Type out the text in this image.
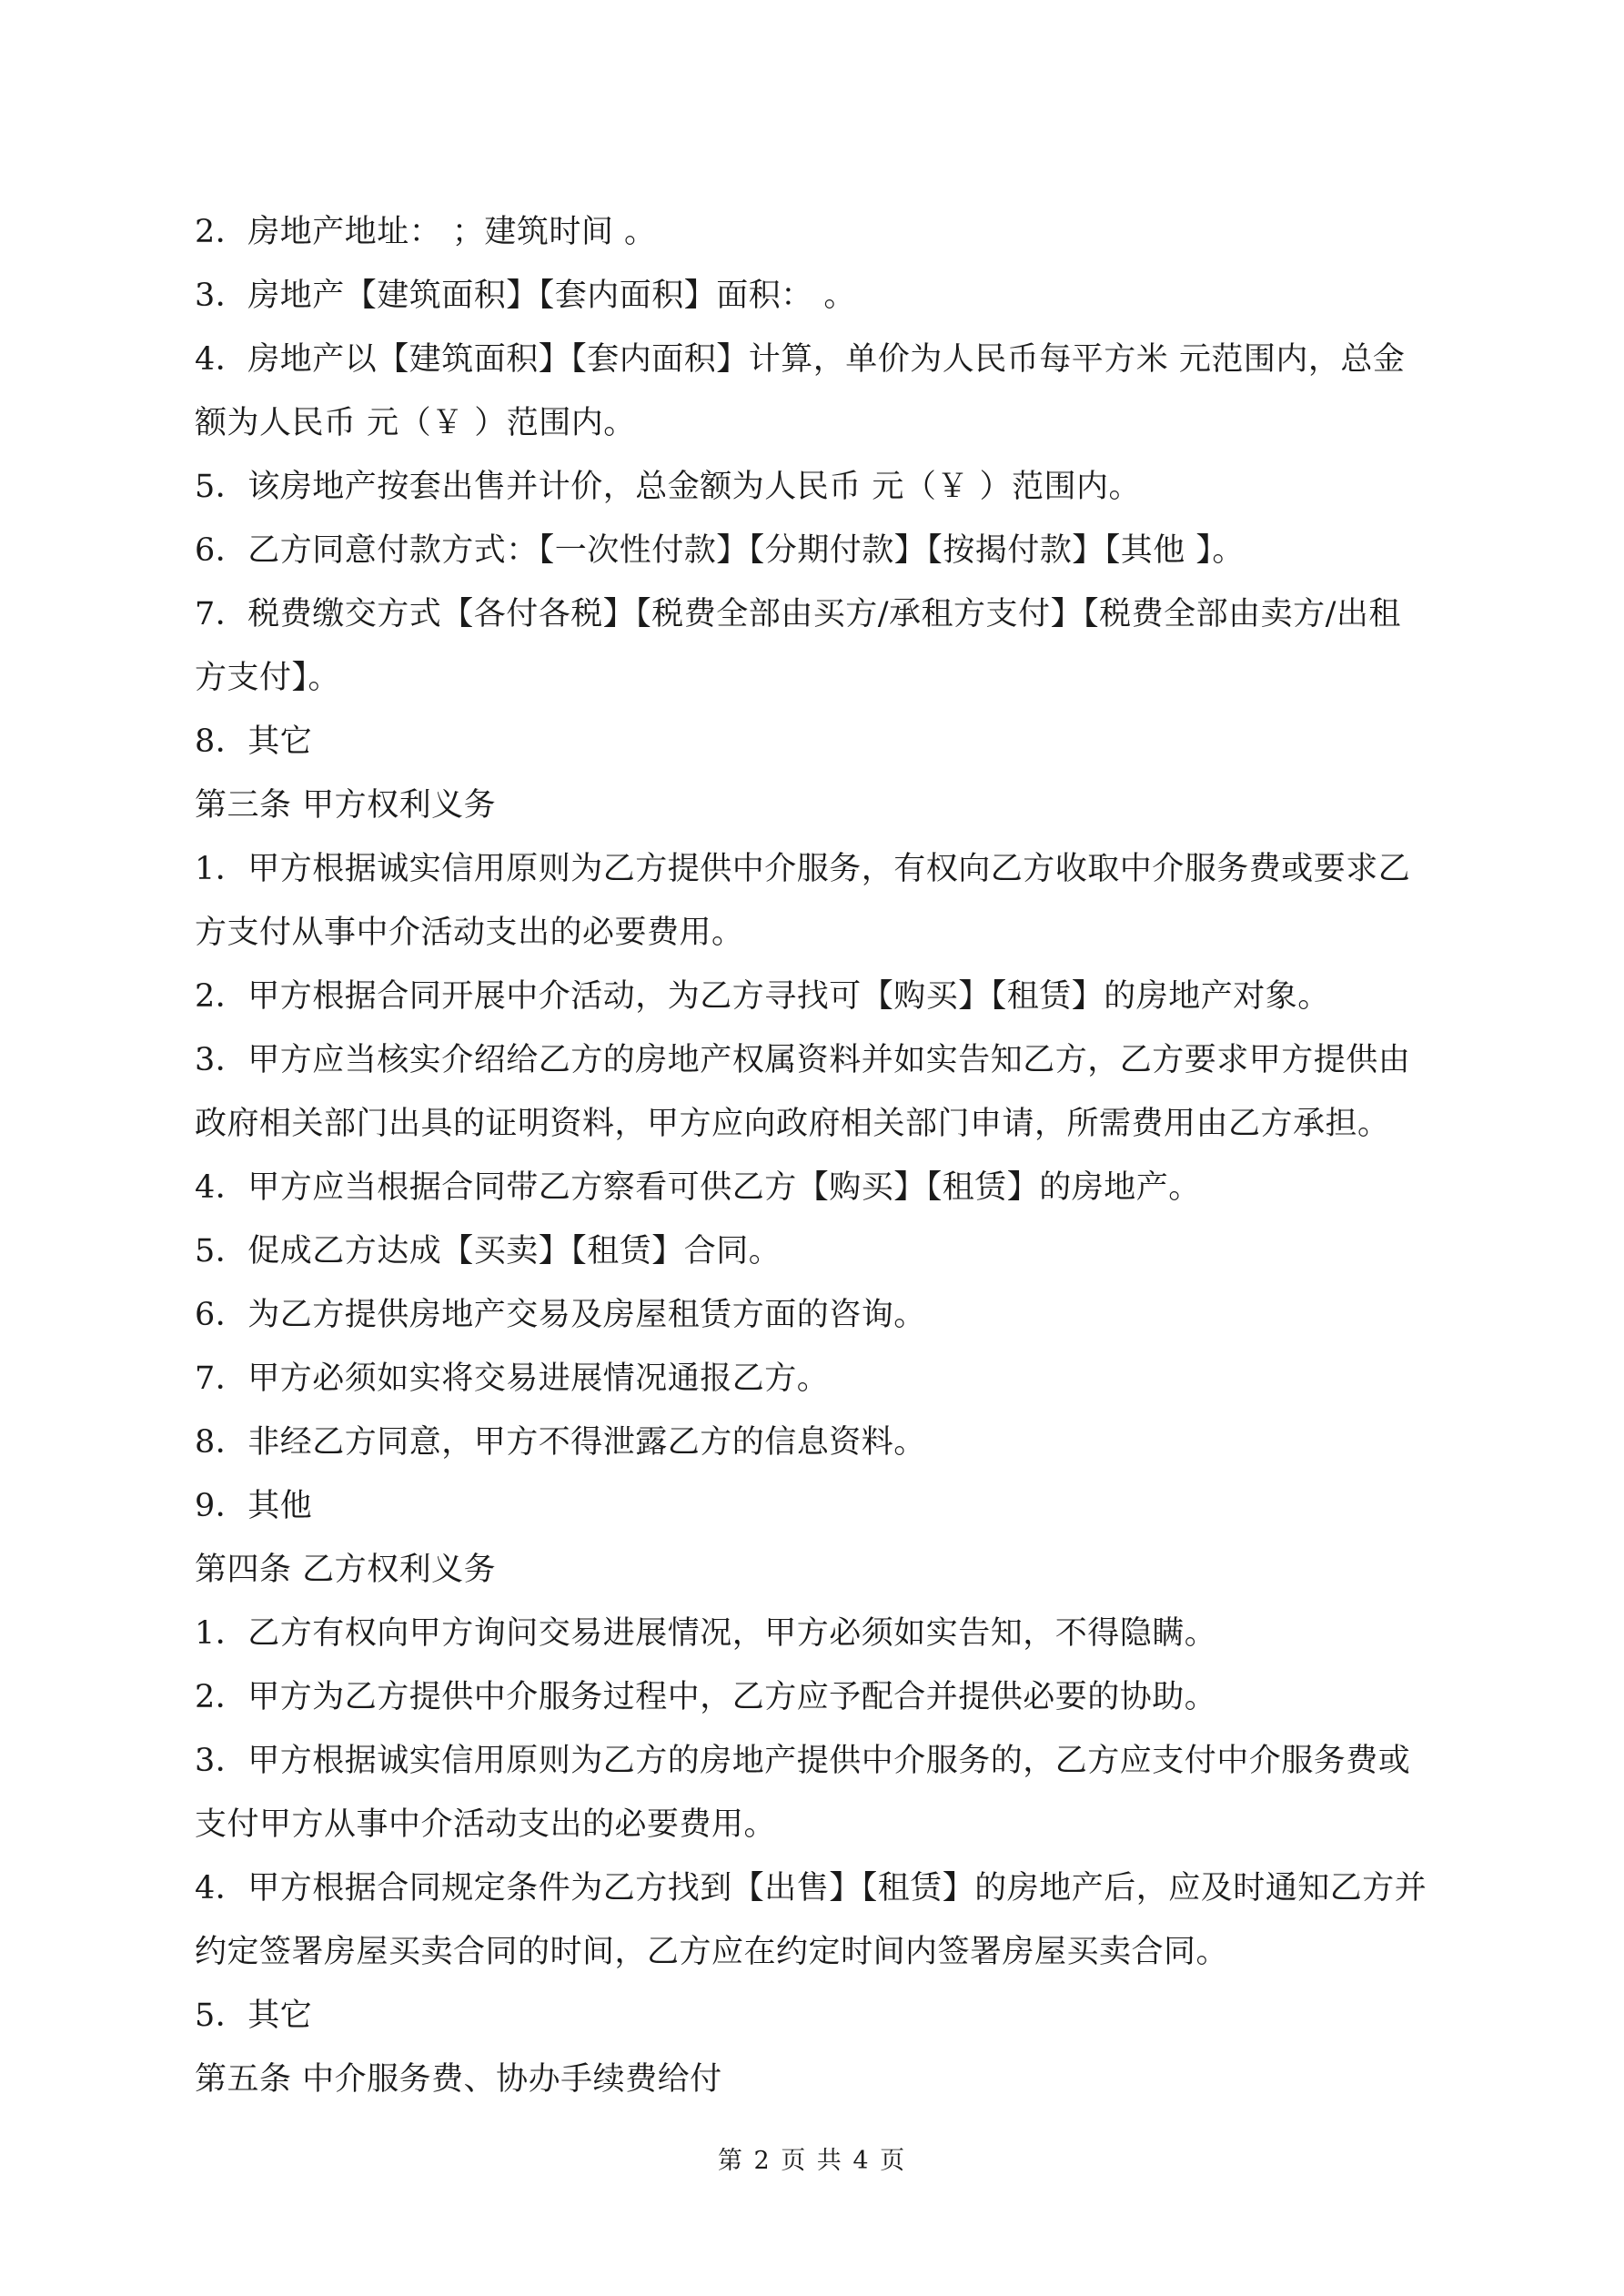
2．房地产地址： ；建筑时间 。
3．房地产【建筑面积】【套内面积】面积： 。
4．房地产以【建筑面积】【套内面积】计算，单价为人民币每平方米 元范围内，总金
额为人民币 元（￥ ）范围内。
5．该房地产按套出售并计价，总金额为人民币 元（￥ ）范围内。
6．乙方同意付款方式：【一次性付款】【分期付款】【按揭付款】【其他 】。
7．税费缴交方式【各付各税】【税费全部由买方/承租方支付】【税费全部由卖方/出租
方支付】。
8．其它
第三条 甲方权利义务
1．甲方根据诚实信用原则为乙方提供中介服务，有权向乙方收取中介服务费或要求乙
方支付从事中介活动支出的必要费用。
2．甲方根据合同开展中介活动，为乙方寻找可【购买】【租赁】的房地产对象。
3．甲方应当核实介绍给乙方的房地产权属资料并如实告知乙方，乙方要求甲方提供由
政府相关部门出具的证明资料，甲方应向政府相关部门申请，所需费用由乙方承担。
4．甲方应当根据合同带乙方察看可供乙方【购买】【租赁】的房地产。
5．促成乙方达成【买卖】【租赁】合同。
6．为乙方提供房地产交易及房屋租赁方面的咨询。
7．甲方必须如实将交易进展情况通报乙方。
8．非经乙方同意，甲方不得泄露乙方的信息资料。
9．其他
第四条 乙方权利义务
1．乙方有权向甲方询问交易进展情况，甲方必须如实告知，不得隐瞒。
2．甲方为乙方提供中介服务过程中，乙方应予配合并提供必要的协助。
3．甲方根据诚实信用原则为乙方的房地产提供中介服务的，乙方应支付中介服务费或
支付甲方从事中介活动支出的必要费用。
4．甲方根据合同规定条件为乙方找到【出售】【租赁】的房地产后，应及时通知乙方并
约定签署房屋买卖合同的时间，乙方应在约定时间内签署房屋买卖合同。
5．其它
第五条 中介服务费、协办手续费给付
第 2 页 共 4 页
